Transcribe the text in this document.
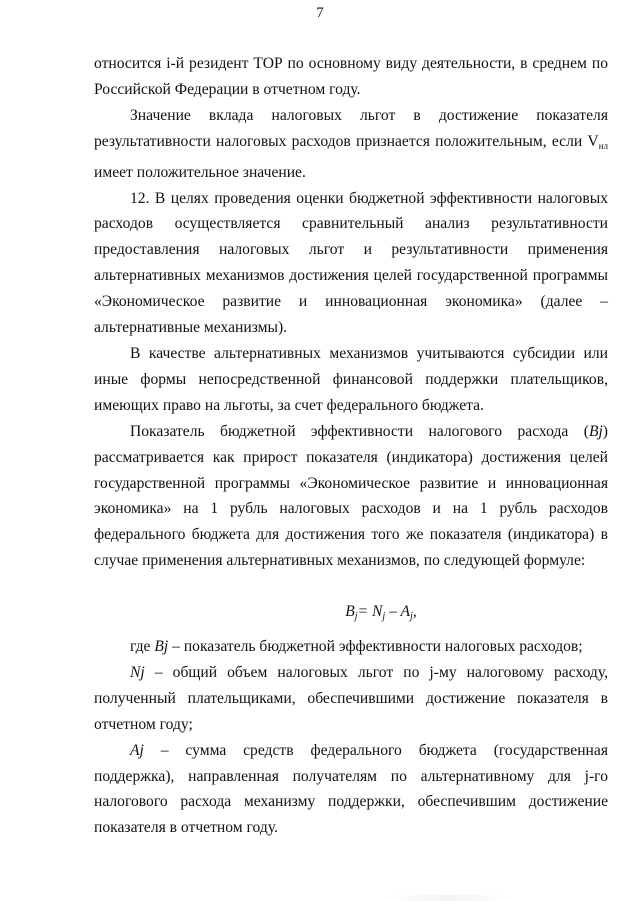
7

относится i-й резидент ТОР по основному виду деятельности, в среднем по Российской Федерации в отчетном году.

Значение вклада налоговых льгот в достижение показателя результативности налоговых расходов признается положительным, если $V_{нл}$ имеет положительное значение.

12. В целях проведения оценки бюджетной эффективности налоговых расходов осуществляется сравнительный анализ результативности предоставления налоговых льгот и результативности применения альтернативных механизмов достижения целей государственной программы «Экономическое развитие и инновационная экономика» (далее – альтернативные механизмы).

В качестве альтернативных механизмов учитываются субсидии или иные формы непосредственной финансовой поддержки плательщиков, имеющих право на льготы, за счет федерального бюджета.

Показатель бюджетной эффективности налогового расхода (Bj) рассматривается как прирост показателя (индикатора) достижения целей государственной программы «Экономическое развитие и инновационная экономика» на 1 рубль налоговых расходов и на 1 рубль расходов федерального бюджета для достижения того же показателя (индикатора) в случае применения альтернативных механизмов, по следующей формуле:

Bj= Nj – Aj,

где Bj – показатель бюджетной эффективности налоговых расходов;

Nj – общий объем налоговых льгот по j-му налоговому расходу, полученный плательщиками, обеспечившими достижение показателя в отчетном году;

Aj – сумма средств федерального бюджета (государственная поддержка), направленная получателям по альтернативному для j-го налогового расхода механизму поддержки, обеспечившим достижение показателя в отчетном году.
